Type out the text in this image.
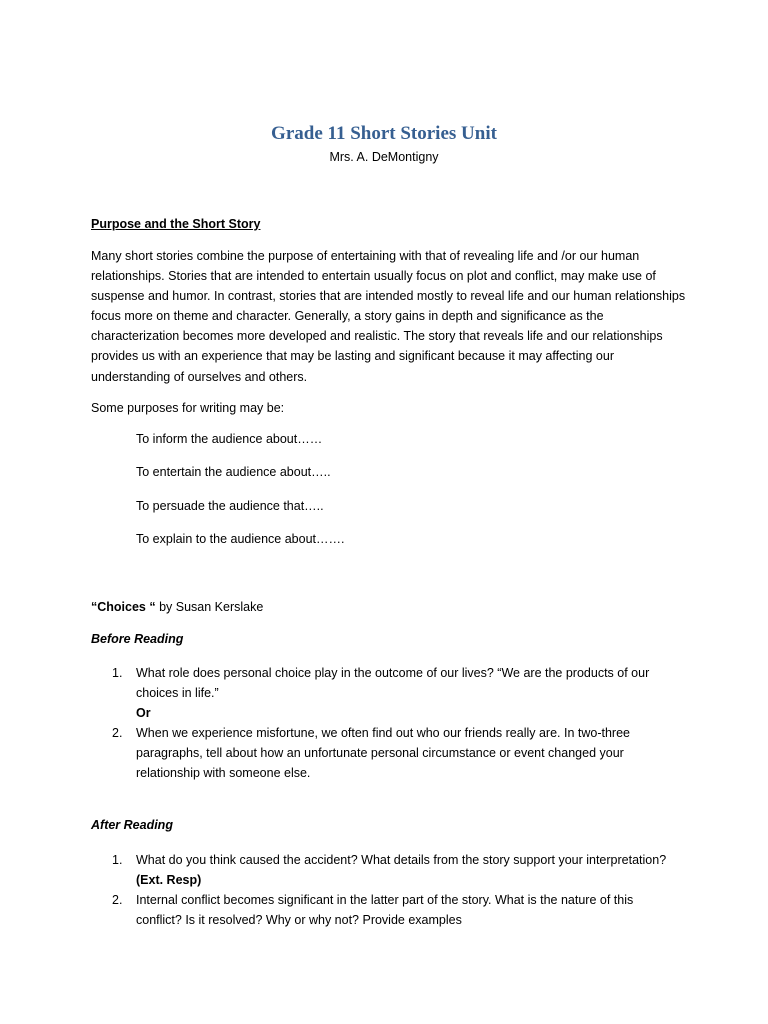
Grade 11 Short Stories Unit
Mrs. A. DeMontigny
Purpose and the Short Story
Many short stories combine the purpose of entertaining with that of revealing life and /or our human relationships. Stories that are intended to entertain usually focus on plot and conflict, may make use of suspense and humor. In contrast, stories that are intended mostly to reveal life and our human relationships focus more on theme and character. Generally, a story gains in depth and significance as the characterization becomes more developed and realistic. The story that reveals life and our relationships provides us with an experience that may be lasting and significant because it may affecting our understanding of ourselves and others.
Some purposes for writing may be:
To inform the audience about……
To entertain the audience about…..
To persuade the audience that…..
To explain to the audience about…….
“Choices “ by Susan Kerslake
Before Reading
1. What role does personal choice play in the outcome of our lives? “We are the products of our choices in life.”
Or
2. When we experience misfortune, we often find out who our friends really are. In two-three paragraphs, tell about how an unfortunate personal circumstance or event changed your relationship with someone else.
After Reading
1. What do you think caused the accident? What details from the story support your interpretation? (Ext. Resp)
2. Internal conflict becomes significant in the latter part of the story. What is the nature of this conflict? Is it resolved? Why or why not? Provide examples
